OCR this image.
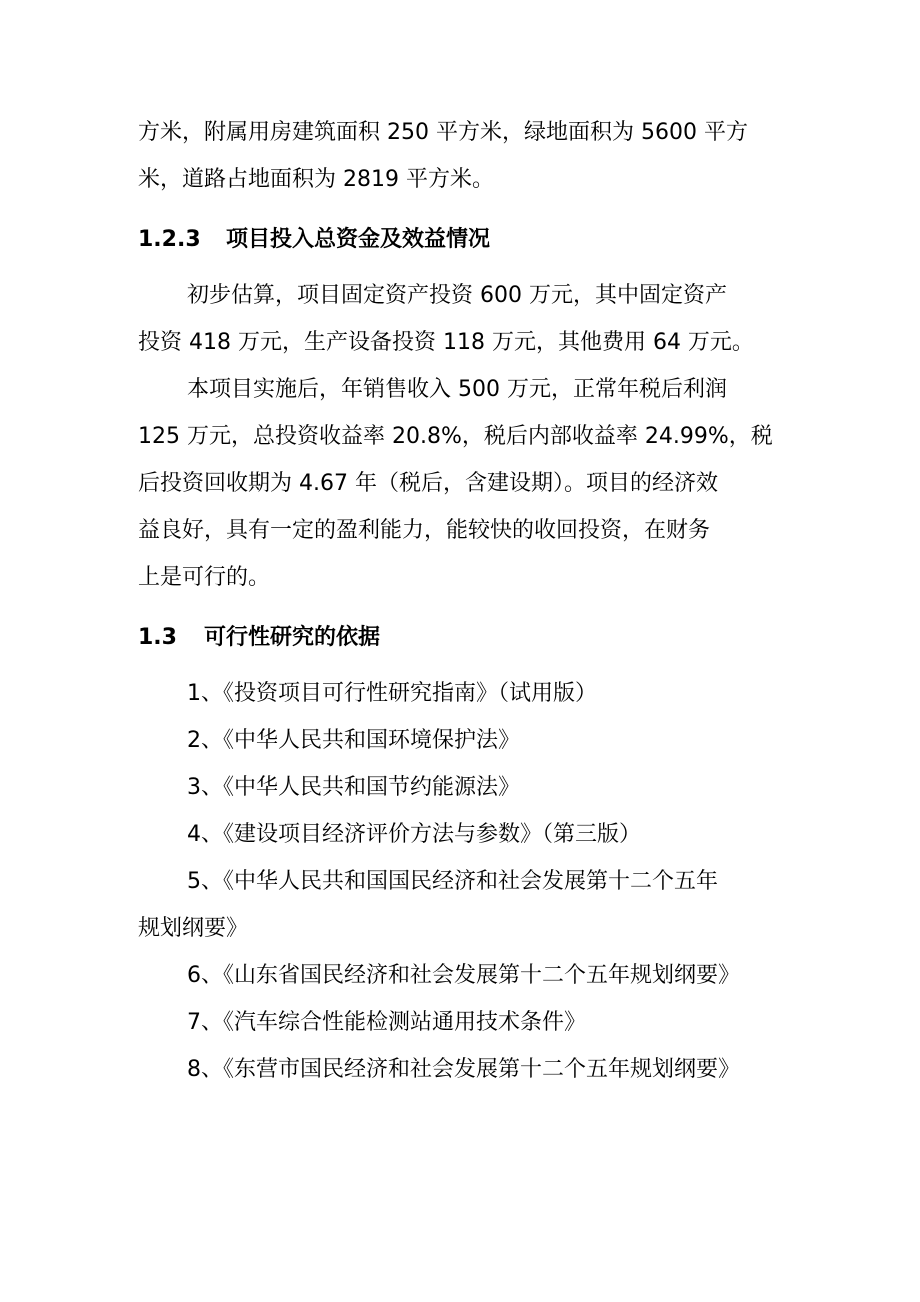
方米，附属用房建筑面积 250 平方米，绿地面积为 5600 平方
米，道路占地面积为 2819 平方米。
1.2.3 项目投入总资金及效益情况
初步估算，项目固定资产投资 600 万元，其中固定资产
投资 418 万元，生产设备投资 118 万元，其他费用 64 万元。
本项目实施后，年销售收入 500 万元，正常年税后利润
125 万元，总投资收益率 20.8%，税后内部收益率 24.99%，税
后投资回收期为 4.67 年（税后，含建设期）。项目的经济效
益良好，具有一定的盈利能力，能较快的收回投资，在财务
上是可行的。
1.3 可行性研究的依据
1、《投资项目可行性研究指南》（试用版）
2、《中华人民共和国环境保护法》
3、《中华人民共和国节约能源法》
4、《建设项目经济评价方法与参数》（第三版）
5、《中华人民共和国国民经济和社会发展第十二个五年
规划纲要》
6、《山东省国民经济和社会发展第十二个五年规划纲要》
7、《汽车综合性能检测站通用技术条件》
8、《东营市国民经济和社会发展第十二个五年规划纲要》
